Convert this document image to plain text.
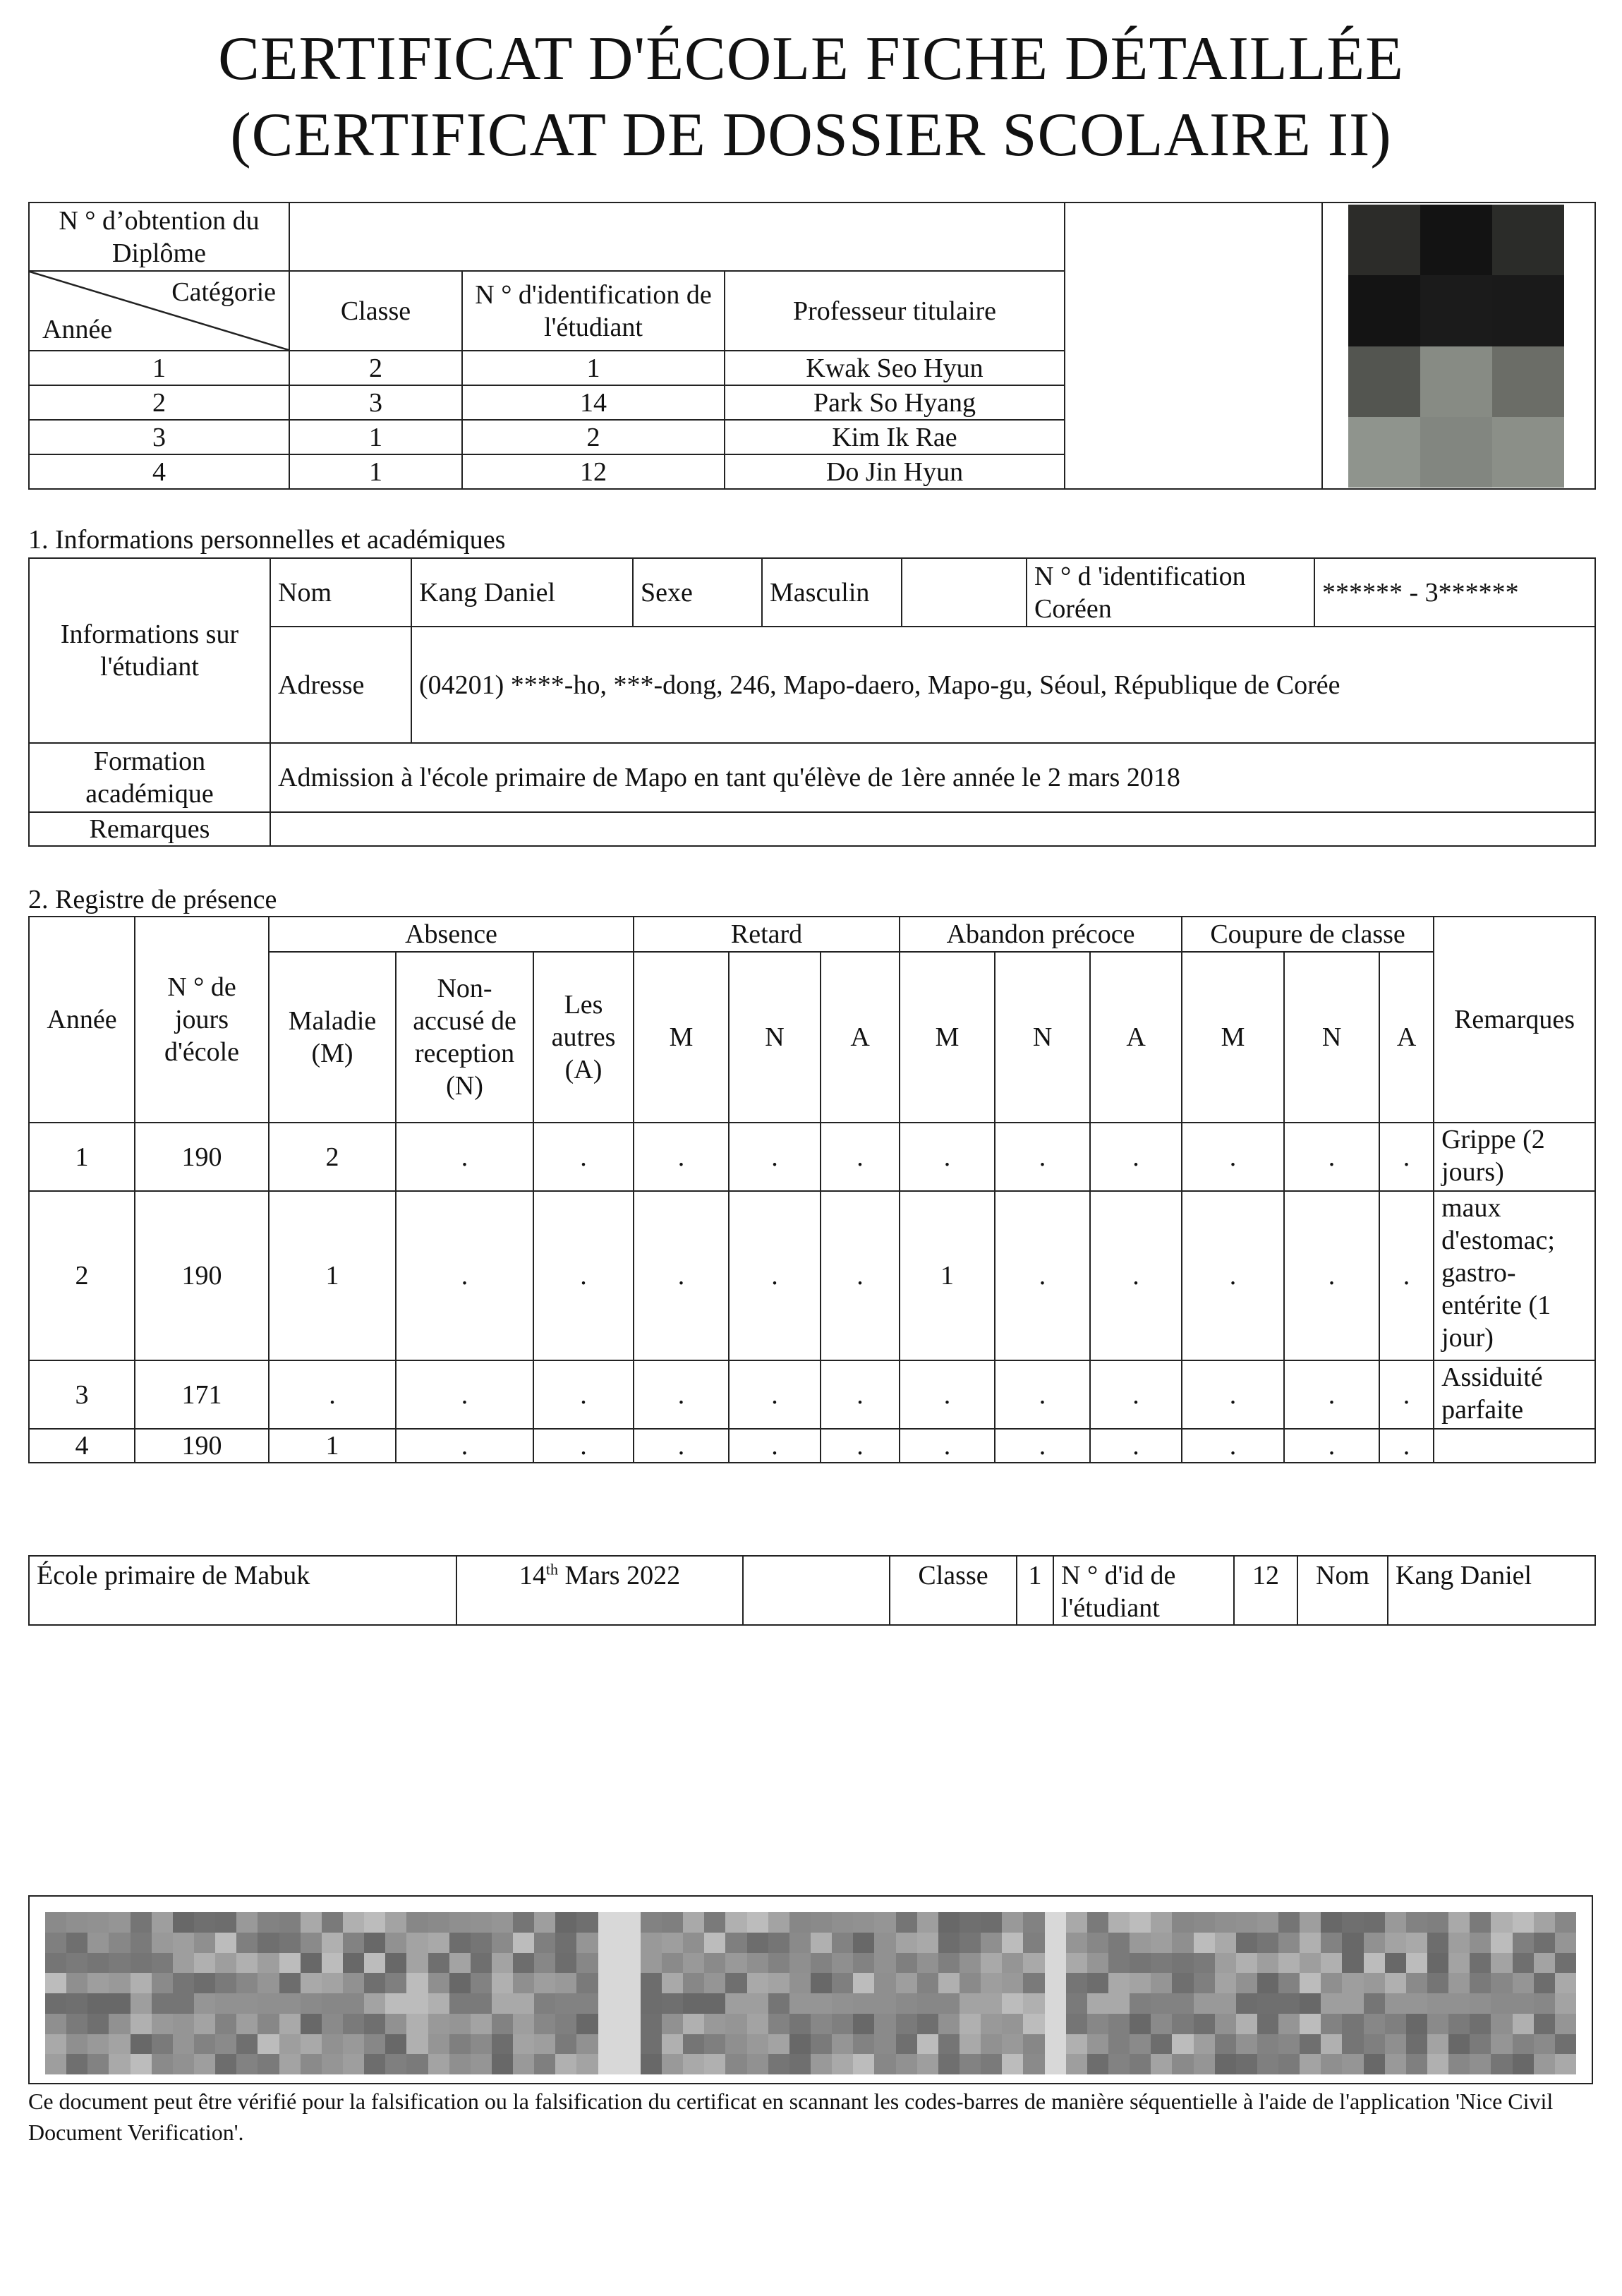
CERTIFICAT D'ÉCOLE FICHE DÉTAILLÉE
(CERTIFICAT DE DOSSIER SCOLAIRE II)
N ° d’obtention du Diplôme					

Catégorie
Année	Classe	N ° d'identification de l'étudiant	Professeur titulaire		
1	2	1	Kwak Seo Hyun		
2	3	14	Park So Hyang		
3	1	2	Kim Ik Rae		
4	1	12	Do Jin Hyun		
1. Informations personnelles et académiques
Informations sur l'étudiant	Nom	Kang Daniel	Sexe	Masculin		N ° d 'identification Coréen	****** - 3******
	Adresse	(04201) ****-ho, ***-dong, 246, Mapo-daero, Mapo-gu, Séoul, République de Corée					
Formation académique	Admission à l'école primaire de Mapo en tant qu'élève de 1ère année le 2 mars 2018						
Remarques							
2. Registre de présence
Année	N ° de jours d'école	Absence			Retard			Abandon précoce			Coupure de classe			Remarques
		Maladie (M)	Non-accusé de reception (N)	Les autres (A)	M	N	A	M	N	A	M	N	A	
1	190	2	.	.	.	.	.	.	.	.	.	.	.	Grippe (2 jours)
2	190	1	.	.	.	.	.	1	.	.	.	.	.	maux d'estomac; gastro-entérite (1 jour)
3	171	.	.	.	.	.	.	.	.	.	.	.	.	Assiduité parfaite
4	190	1	.	.	.	.	.	.	.	.	.	.	.	
École primaire de Mabuk	14th Mars 2022		Classe	1	N ° d'id de l'étudiant	12	Nom	Kang Daniel
Ce document peut être vérifié pour la falsification ou la falsification du certificat en scannant les codes-barres de manière séquentielle à l'aide de l'application 'Nice Civil Document Verification'.
